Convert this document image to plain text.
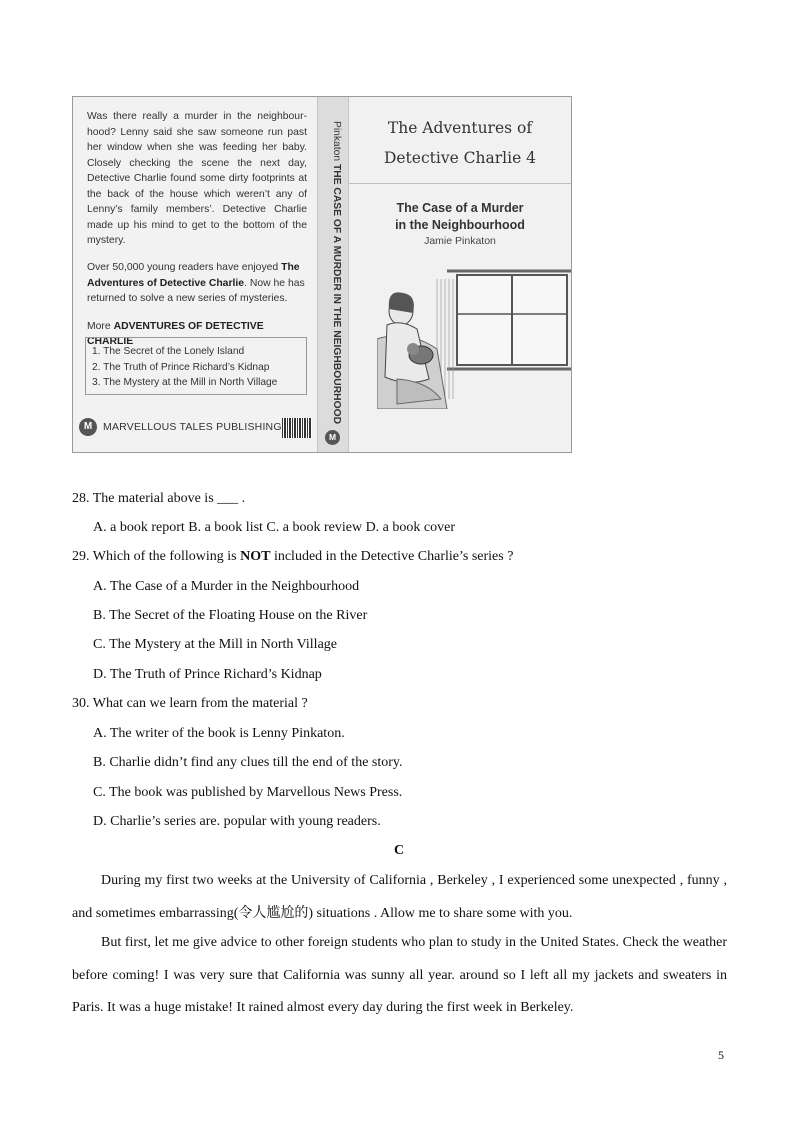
Was there really a murder in the neighbour-hood? Lenny said she saw someone run past her window when she was feeding her baby. Closely checking the scene the next day, Detective Charlie found some dirty footprints at the back of the house which weren’t any of Lenny’s family members’. Detective Charlie made up his mind to get to the bottom of the mystery.
Over 50,000 young readers have enjoyed The Adventures of Detective Charlie. Now he has returned to solve a new series of mysteries.
More ADVENTURES OF DETECTIVE CHARLIE
1. The Secret of the Lonely Island
2. The Truth of Prince Richard’s Kidnap
3. The Mystery at the Mill in North Village
M	MARVELLOUS TALES PUBLISHING
Pinkaton THE CASE OF A MURDER IN THE NEIGHBOURHOOD
M
The Adventures of
Detective Charlie 4
The Case of a Murder
in the Neighbourhood
Jamie Pinkaton
28. The material above is ___ .
A. a book report B. a book list C. a book review D. a book cover
29. Which of the following is NOT included in the Detective Charlie’s series ?
A. The Case of a Murder in the Neighbourhood
B. The Secret of the Floating House on the River
C. The Mystery at the Mill in North Village
D. The Truth of Prince Richard’s Kidnap
30. What can we learn from the material ?
A. The writer of the book is Lenny Pinkaton.
B. Charlie didn’t find any clues till the end of the story.
C. The book was published by Marvellous News Press.
D. Charlie’s series are. popular with young readers.
C
During my first two weeks at the University of California , Berkeley , I experienced some unexpected , funny , and sometimes embarrassing(令人尴尬的) situations . Allow me to share some with you.
But first, let me give advice to other foreign students who plan to study in the United States. Check the weather before coming! I was very sure that California was sunny all year. around so I left all my jackets and sweaters in Paris. It was a huge mistake! It rained almost every day during the first week in Berkeley.
5
